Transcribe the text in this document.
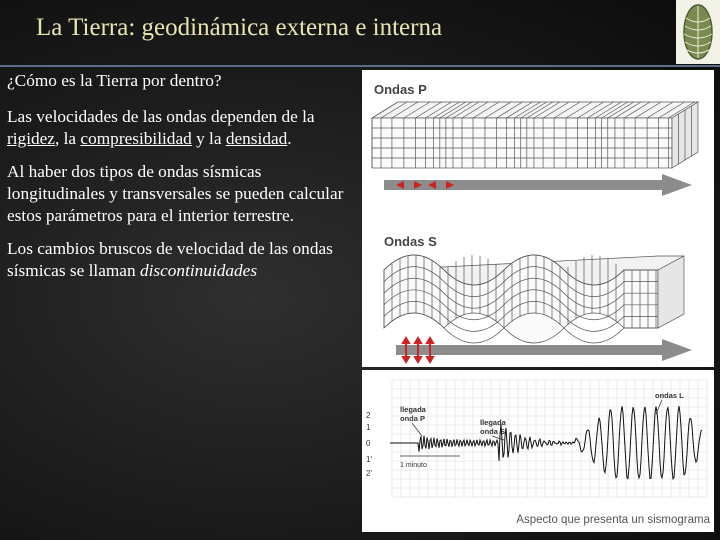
La Tierra: geodinámica externa e interna

¿Cómo es la Tierra por dentro?

Las velocidades de las ondas dependen de la rigidez, la compresibilidad y la densidad.

Al haber dos tipos de ondas sísmicas longitudinales y transversales se pueden calcular estos parámetros para el interior terrestre.

Los cambios bruscos de velocidad de las ondas sísmicas se llaman discontinuidades

Ondas P
Ondas S
2
1
0
1'
2'
llegada
onda P	llegada
onda S
ondas L
1 minuto
Aspecto que presenta un sismograma
